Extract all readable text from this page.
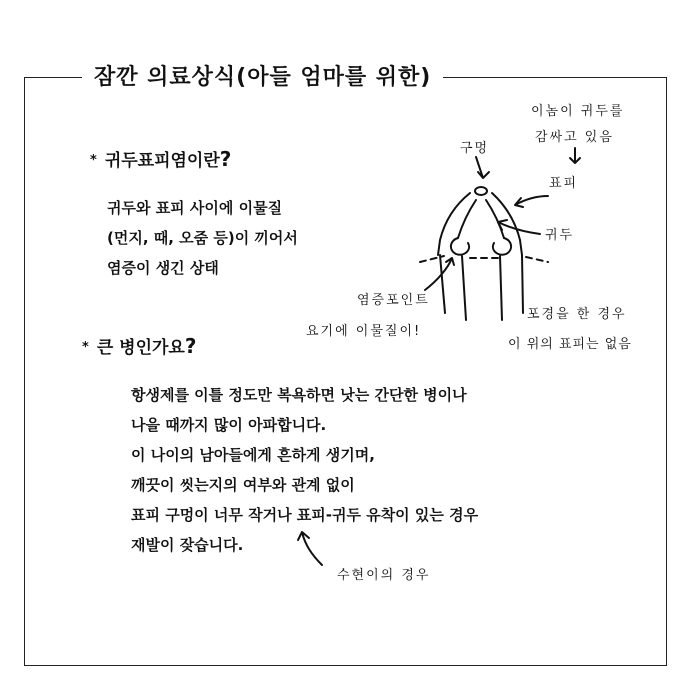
잠깐 의료상식(아들 엄마를 위한)
* 귀두표피염이란?
귀두와 표피 사이에 이물질
(먼지, 때, 오줌 등)이 끼어서
염증이 생긴 상태
* 큰 병인가요?
항생제를 이틀 정도만 복욕하면 낫는 간단한 병이나
나을 때까지 많이 아파합니다.
이 나이의 남아들에게 흔하게 생기며,
깨끗이 씻는지의 여부와 관계 없이
표피 구멍이 너무 작거나 표피-귀두 유착이 있는 경우
재발이 잦습니다.
이놈이 귀두를
감싸고 있음
구멍
표피
귀두
염증포인트
요기에 이물질이!
포경을 한 경우
이 위의 표피는 없음
수현이의 경우
